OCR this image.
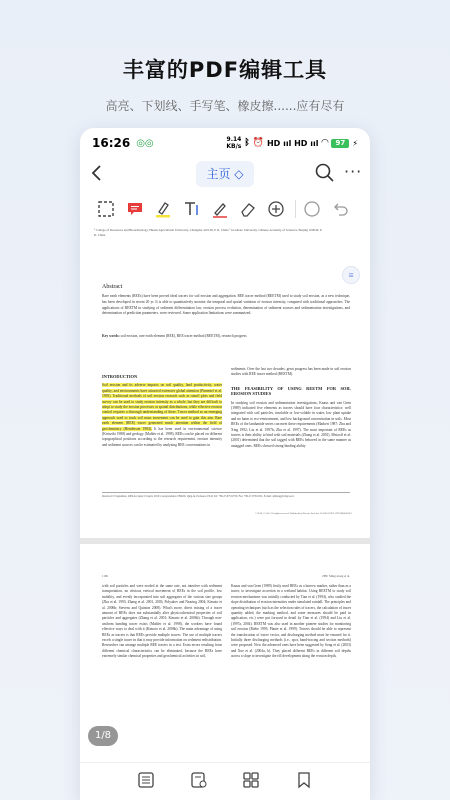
丰富的PDF编辑工具
高亮、下划线、手写笔、橡皮擦......应有尽有
16:26 ◎◎	9.14
KB/s ᛒ ⏰ HD ııl HD ııl ◠	97 ⚡
主页 ◇	···
¹ College of Resources and Biotechnology, Hunan Agricultural University, Changsha 410128, P. R. China ² Graduate University, Chinese Academy of Sciences, Beijing 100049, P. R. China
≡
Abstract
Rare earth elements (REEs) have been proved ideal tracers for soil erosion and aggregation. REE tracer method (REETM) used to study soil erosion, as a new technique, has been developed in recent 20 yr. It is able to quantitatively monitor the temporal and spatial variation of erosion intensity, compared with traditional approaches. The applications of REETM in studying of sediment differentiation law, erosion process evolution, determination of sediment sources and sedimentation investigations, and determination of prediction parameters, were reviewed. Some application limitations were summarized.
Key words: soil erosion, rare earth element (REE), REE tracer method (REETM), research progress
INTRODUCTION
Soil erosion and its adverse impacts on soil quality, land productivity, water quality, and environments have attracted extensive global attention (Pimentel et al. 1995). Traditional methods of soil erosion research such as runoff plots and field survey can be used to study erosion intensity as a whole, but they are difficult to adopt to study the erosion processes or spatial distributions, while effective erosion control requires a thorough understanding of these. Tracer method as an emerging approach used to track soil mass movement can be used to gain this aim. Rare earth element (REE) tracer generated much attention within the field of geochemistry (Henderson 1984). It has been used in environmental science (Kiriseiki 1988) and geology (Mahler et al. 1998). REEs can be placed on different topographical positions according to the research requirement, erosion intensity and sediment sources can be estimated by analyzing REE concentrations in

sediments. Over the last two decades, great progress has been made in soil erosion studies with REE tracer method (REETM).

THE FEASIBILITY OF USING REETM FOR SOIL EROSION STUDIES

In studying soil erosion and sedimentation investigations, Knaus and van Geen (1989) indicated five elements as tracers should have four characteristics: well integrated with soil particles, insoluble or low-soluble in water, low plant uptake and no harm to eco-environment, and low background concentration in soils. Most REEs of the lanthanide series can meet these requirements (Markert 1987; Zhu and Xing 1992; Liu et al. 1997b; Zhu et al. 1997). The most important of REEs as tracers is their ability to bind with soil materials (Zhang et al. 2001). Metzoff et al. (2001) determined that the soil tagged with REEs behaved in the same manner as untagged ones. REEs showed strong-binding ability

Received 15 September, 2009 Accepted 13 April, 2010 Correspondence ZHANG Qing-fu, Professor, Ph.D, Tel: +86-27-87510750, Fax: +86-27-87510251, E-mail: qfzhang@wbgcas.cn
© 2010, CAAS. All rights reserved. Published by Elsevier Ltd. doi: 10.1016/S1671-2927(09)60254-7
1169	ZHU Ming-xiong et al.
with soil particles and were eroded at the same rate, not interfere with sediment transportation, no obvious vertical movement of REEs in the soil profile, low mobility, and evenly incorporated into soil aggregates of the various size groups (Zhu et al. 1993; Zhang et al. 2001, 2003; Polyakov and Nearing 2004; Kimoto et al. 2006b; Stevens and Quinton 2008). What's more, direct mixing of a tracer amount of REEs does not substantially alter physicochemical properties of soil particles and aggregates (Zhang et al. 2001; Kimoto et al. 2006b). Through non-uniform banding tracer exists (Mahler et al. 1998), the workers have found effective ways to deal with it (Kimoto et al. 2006b). The main advantage of using REEs as tracers is that REEs provide multiple tracers. The use of multiple tracers excels a single tracer in that it may provide information on sediment redistribution. Researcher can arrange multiple REE tracers in a test. Extra errors resulting from different chemical characteristics can be eliminated, because the REEs have extremely similar chemical properties and geochemical activities in soil,
Knaus and van Geen (1989) firstly used REEs as a borrow marker, rather than as a tracer, to investigate accretion in a wetland habitat. Using REETM to study soil erosion mechanisms was initially conducted by Tian et al. (1994), who studied the slope distribution of erosion intensities under simulated rainfall. The principles and operating techniques (such as the selection rules of tracers, the calculation of tracer quantity added, the marking method, and some measures should be paid in application, etc.) were put forward in detail by Tian et al. (1994) and Liu et al. (1997a, 2004). REETM was also used in another pioneer studies for monitoring soil erosion (Riebe 1995; Plante et al. 1999). Tracers should be able to represent the translocation of tracer vector, and discharging method must be ensured for it. Initially three discharging methods (i.e., spot, band-tracing and section methods) were proposed. Now the advanced ones have been suggested by Song et al. (2003) and Xue et al. (2004a, b). They placed different REEs in different soil depths across a slope to investigate the rill development along the erosion depth,
1/8
